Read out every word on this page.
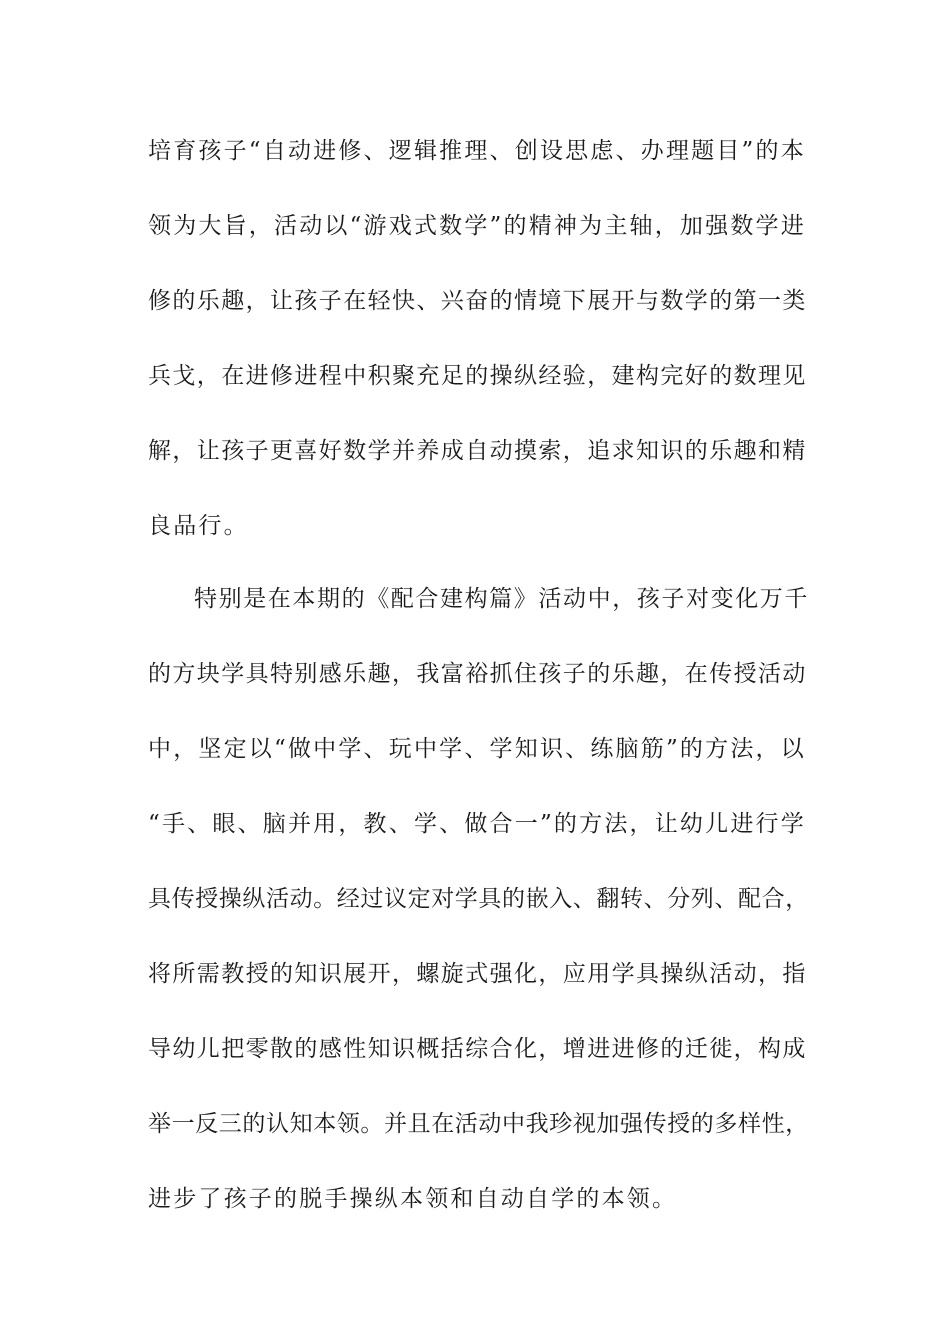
培育孩子“自动进修、逻辑推理、创设思虑、办理题目”的本
领为大旨，活动以“游戏式数学”的精神为主轴，加强数学进
修的乐趣，让孩子在轻快、兴奋的情境下展开与数学的第一类
兵戈，在进修进程中积聚充足的操纵经验，建构完好的数理见
解，让孩子更喜好数学并养成自动摸索，追求知识的乐趣和精
良品行。
特别是在本期的《配合建构篇》活动中，孩子对变化万千
的方块学具特别感乐趣，我富裕抓住孩子的乐趣，在传授活动
中，坚定以“做中学、玩中学、学知识、练脑筋”的方法，以
“手、眼、脑并用，教、学、做合一”的方法，让幼儿进行学
具传授操纵活动。经过议定对学具的嵌入、翻转、分列、配合，
将所需教授的知识展开，螺旋式强化，应用学具操纵活动，指
导幼儿把零散的感性知识概括综合化，增进进修的迁徙，构成
举一反三的认知本领。并且在活动中我珍视加强传授的多样性，
进步了孩子的脱手操纵本领和自动自学的本领。
